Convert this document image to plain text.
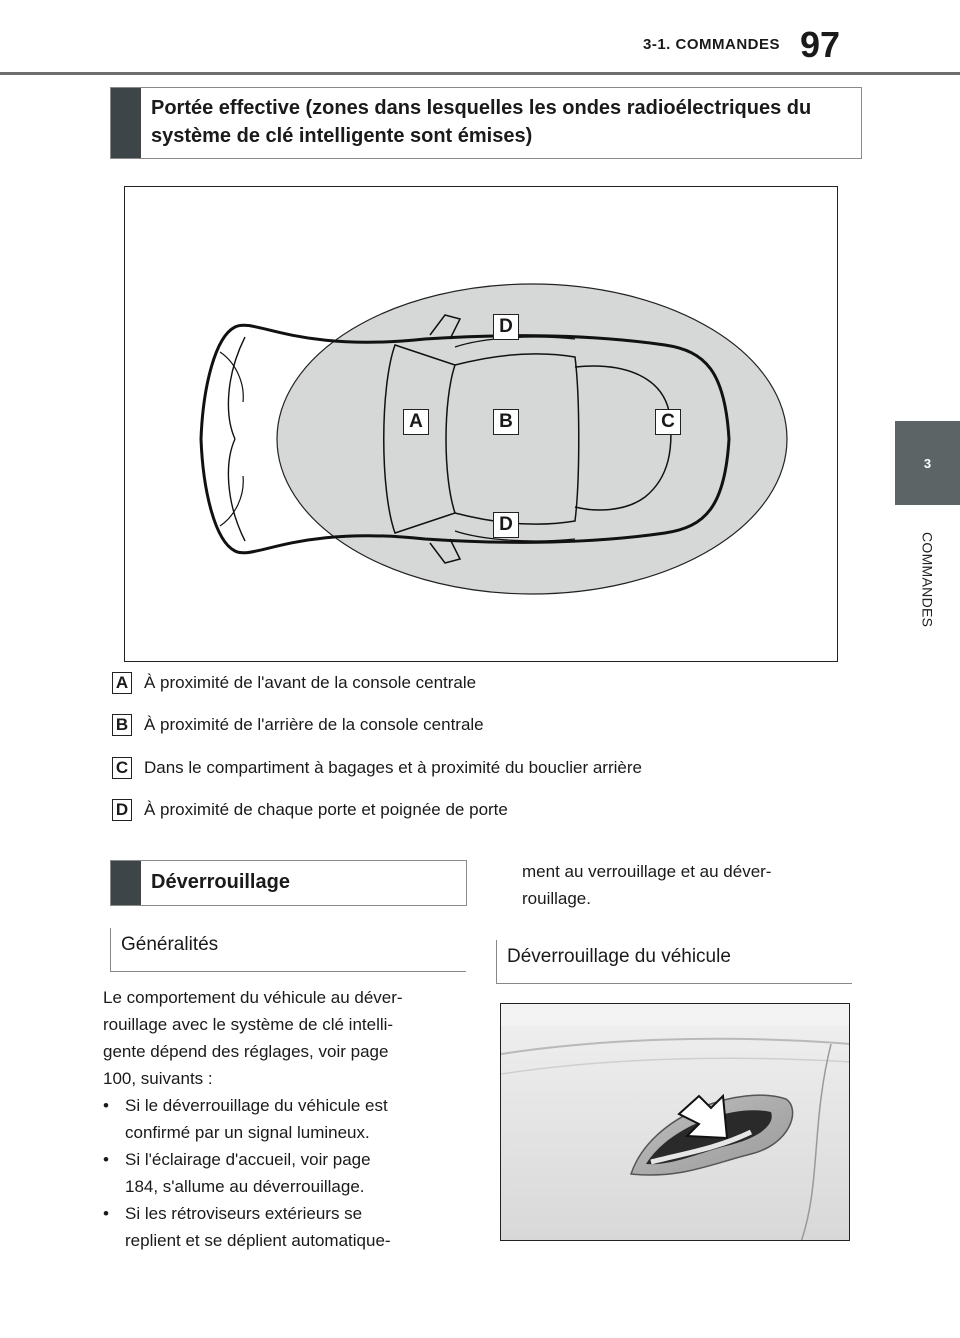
3-1. COMMANDES 97
3
COMMANDES
Portée effective (zones dans lesquelles les ondes radioélectriques du système de clé intelligente sont émises)
D
A	B	C
D
A À proximité de l'avant de la console centrale
B À proximité de l'arrière de la console centrale
C Dans le compartiment à bagages et à proximité du bouclier arrière
D À proximité de chaque porte et poignée de porte
Déverrouillage
Généralités
Le comportement du véhicule au déver-
rouillage avec le système de clé intelli-
gente dépend des réglages, voir page
100, suivants :
• Si le déverrouillage du véhicule est
confirmé par un signal lumineux.
• Si l'éclairage d'accueil, voir page
184, s'allume au déverrouillage.
• Si les rétroviseurs extérieurs se
replient et se déplient automatique-
ment au verrouillage et au déver-
rouillage.
Déverrouillage du véhicule
